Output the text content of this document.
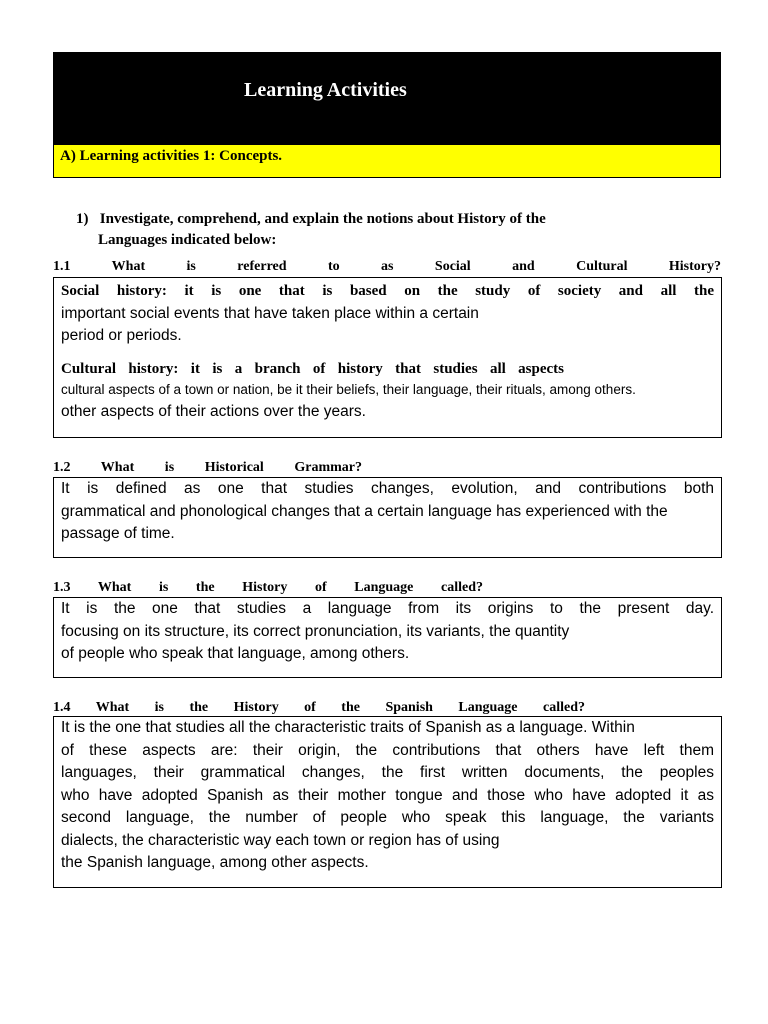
Learning Activities
A) Learning activities 1: Concepts.
1) Investigate, comprehend, and explain the notions about History of the
Languages indicated below:
1.1 What is referred to as Social and Cultural History?

Social history: it is one that is based on the study of society and all the

important social events that have taken place within a certain

period or periods.

Cultural history: it is a branch of history that studies all aspects

cultural aspects of a town or nation, be it their beliefs, their language, their rituals, among others.

other aspects of their actions over the years.

1.2 What is Historical Grammar?

It is defined as one that studies changes, evolution, and contributions both

grammatical and phonological changes that a certain language has experienced with the

passage of time.

1.3 What is the History of Language called?

It is the one that studies a language from its origins to the present day.

focusing on its structure, its correct pronunciation, its variants, the quantity

of people who speak that language, among others.

1.4 What is the History of the Spanish Language called?

It is the one that studies all the characteristic traits of Spanish as a language. Within

of these aspects are: their origin, the contributions that others have left them

languages, their grammatical changes, the first written documents, the peoples

who have adopted Spanish as their mother tongue and those who have adopted it as

second language, the number of people who speak this language, the variants

dialects, the characteristic way each town or region has of using

the Spanish language, among other aspects.
